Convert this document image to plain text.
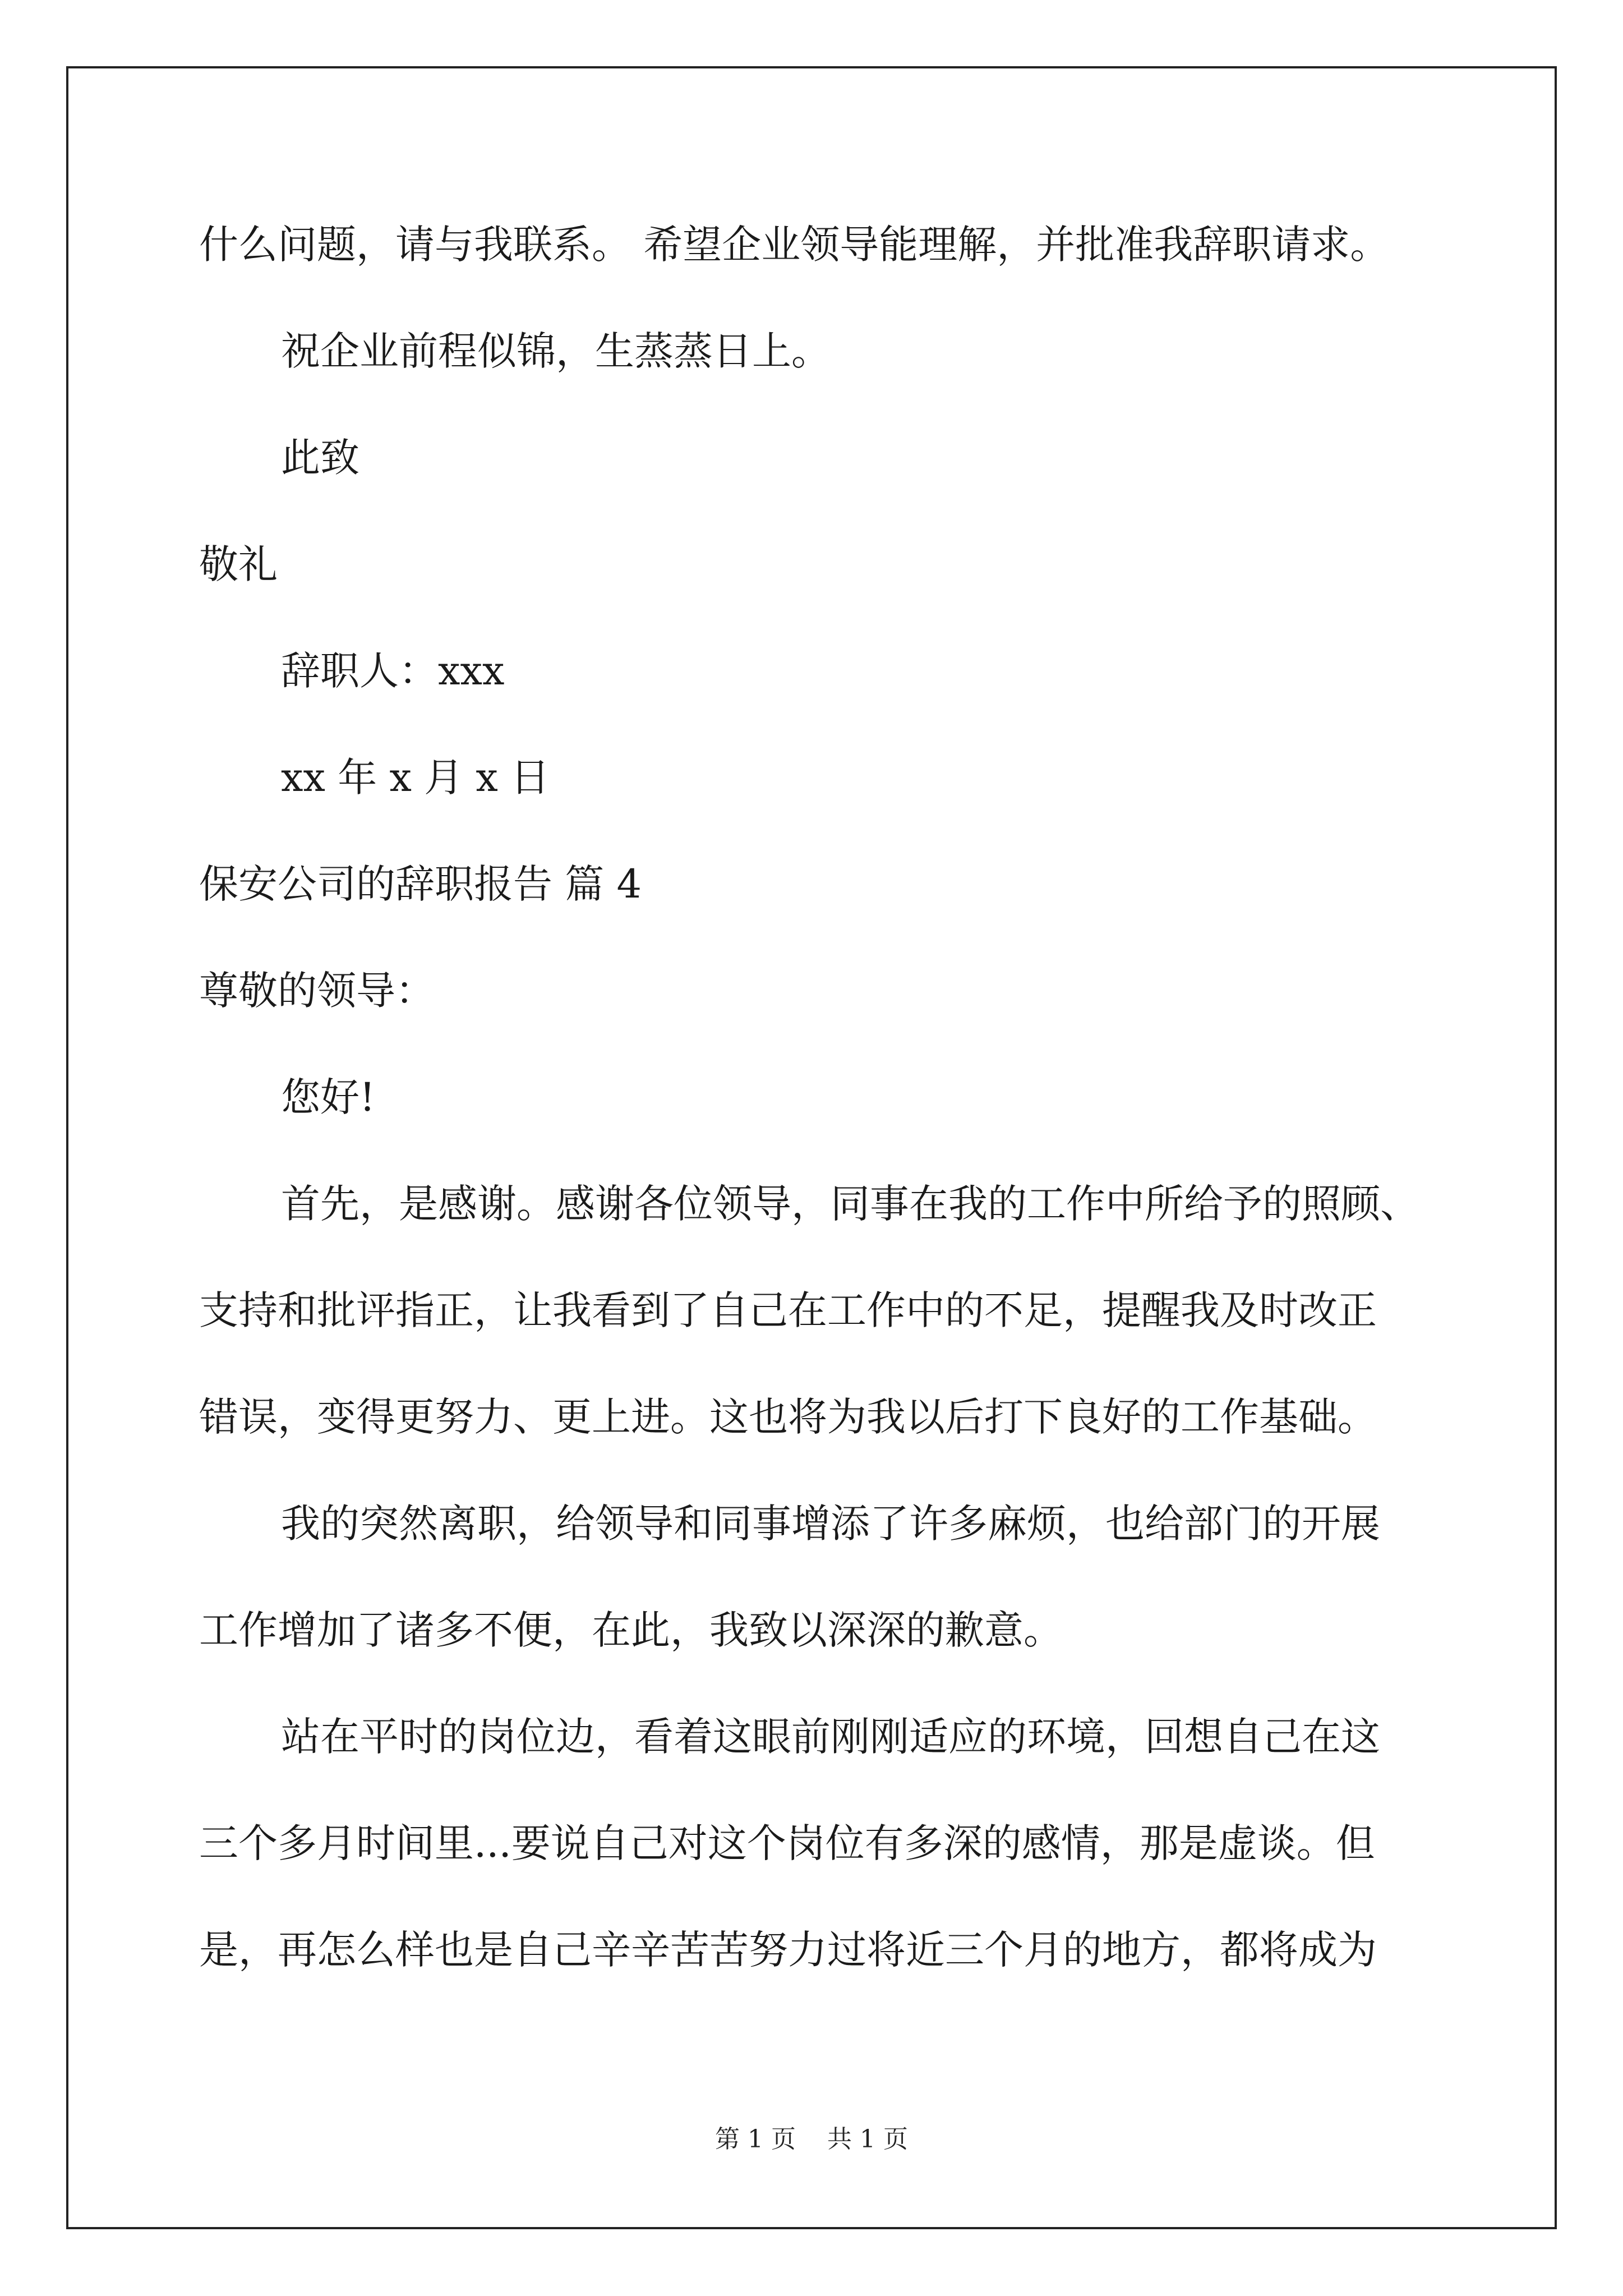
什么问题，请与我联系。 希望企业领导能理解，并批准我辞职请求。
祝企业前程似锦，生蒸蒸日上。
此致
敬礼
辞职人：xxx
xx 年 x 月 x 日
保安公司的辞职报告 篇 4
尊敬的领导：
您好!
首先，是感谢。感谢各位领导，同事在我的工作中所给予的照顾、
支持和批评指正，让我看到了自己在工作中的不足，提醒我及时改正
错误，变得更努力、更上进。这也将为我以后打下良好的工作基础。
我的突然离职，给领导和同事增添了许多麻烦，也给部门的开展
工作增加了诸多不便，在此，我致以深深的歉意。
站在平时的岗位边，看着这眼前刚刚适应的环境，回想自己在这
三个多月时间里...要说自己对这个岗位有多深的感情，那是虚谈。但
是，再怎么样也是自己辛辛苦苦努力过将近三个月的地方，都将成为
第 1 页 共 1 页
